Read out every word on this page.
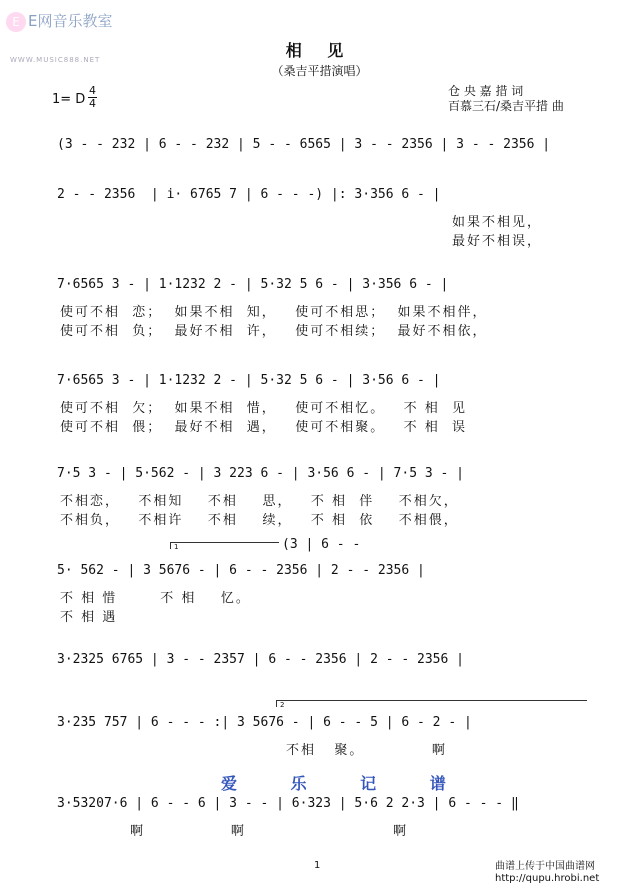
E E网音乐教室
WWW.MUSIC888.NET	相 见
（桑吉平措演唱）
仓 央 嘉 措 词
百慕三石/桑吉平措 曲
1= D
4
4
(3 - - 232 | 6 - - 232 | 5 - - 6565 | 3 - - 2356 | 3 - - 2356 |
2 - - 2356  | i· 6765 7 | 6 - - -) |: 3·356 6 - |
如果不相见，
最好不相误，
7·6565 3 - | 1·1232 2 - | 5·32 5 6 - | 3·356 6 - |
使可不相  恋；  如果不相  知，   使可不相思；  如果不相伴，
使可不相  负；  最好不相  许，   使可不相续；  最好不相依，
7·6565 3 - | 1·1232 2 - | 5·32 5 6 - | 3·56 6 - |
使可不相  欠；  如果不相  惜，   使可不相忆。   不 相  见
使可不相  偎；  最好不相  遇，   使可不相聚。   不 相  误
7·5 3 - | 5·562 - | 3 223 6 - | 3·56 6 - | 7·5 3 - |
不相恋，   不相知    不相    思，   不 相  伴    不相欠，
不相负，   不相许    不相    续，   不 相  依    不相偎，
1	(3 | 6 - -
5· 562 - | 3 5676 - | 6 - - 2356 | 2 - - 2356 |
不 相 惜       不 相    忆。
不 相 遇
3·2325 6765 | 3 - - 2357 | 6 - - 2356 | 2 - - 2356 |
2
3·235 757 | 6 - - - :| 3 5676 - | 6 - - 5 | 6 - 2 - |
不相   聚。           啊
爱 乐 记 谱
3·53207·6 | 6 - - 6 | 3 - - | 6·323 | 5·6 2 2·3 | 6 - - - ‖
啊              啊                        啊
1	曲谱上传于中国曲谱网
http://qupu.hrobi.net
